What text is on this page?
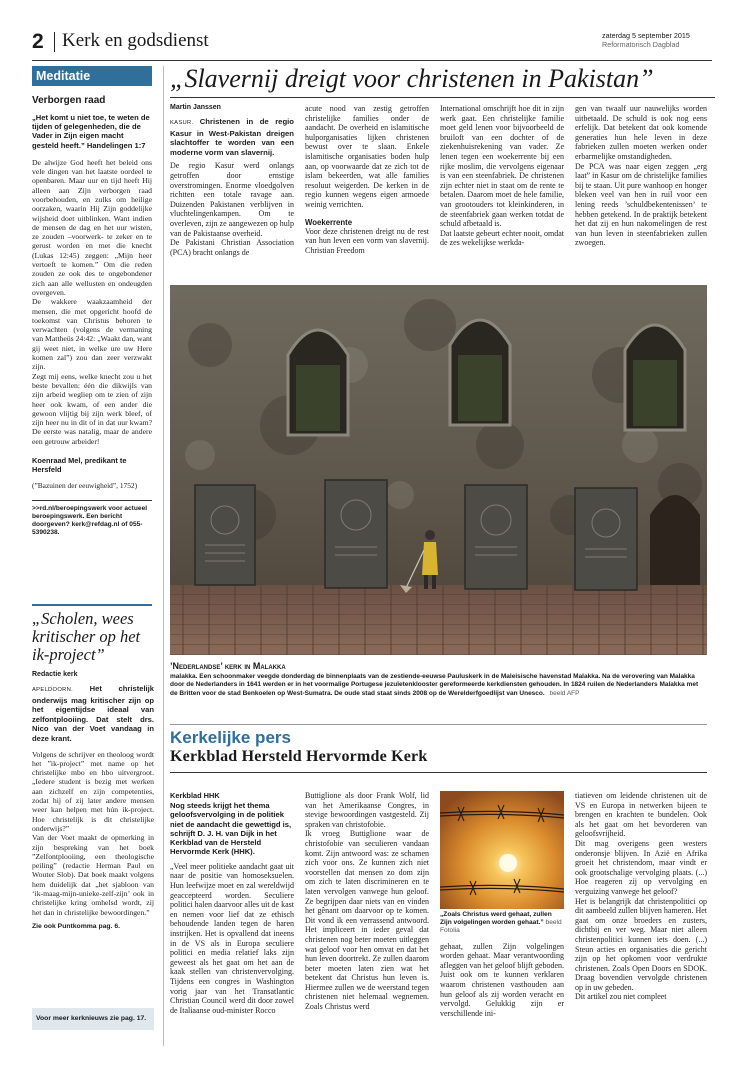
2 Kerk en godsdienst	zaterdag 5 september 2015
Reformatorisch Dagblad
Meditatie
Verborgen raad
„Het komt u niet toe, te weten de tijden of gelegenheden, die de Vader in Zijn eigen macht gesteld heeft.” Handelingen 1:7
De alwijze God heeft het beleid ons vele dingen van het laatste oordeel te openbaren. Maar uur en tijd heeft Hij alleen aan Zijn verborgen raad voorbehouden, en zulks om heilige oorzaken, waarin Hij Zijn goddelijke wijsheid doet uitblinken. Want indien de mensen de dag en het uur wisten, ze zouden –voorwerk- te zeker en te gerust worden en met die knecht (Lukas 12:45) zeggen: „Mijn heer vertoeft te komen.” Om die reden zouden ze ook des te ongebondener zich aan alle wellusten en ondeugden overgeven.
De wakkere waakzaamheid der mensen, die met opgericht hoofd de toekomst van Christus behoren te verwachten (volgens de vermaning van Mattheüs 24:42: „Waakt dan, want gij weet niet, in welke ure uw Here komen zal”) zou dan zeer verzwakt zijn.
Zegt mij eens, welke knecht zou u het beste bevallen: één die dikwijls van zijn arbeid wegliep om te zien of zijn heer ook kwam, of een ander die gewoon vlijtig bij zijn werk bleef, of zijn heer nu in dit of in dat uur kwam? De eerste was natalig, maar de andere een getrouw arbeider!
Koenraad Mel, predikant te Hersfeld
(”Bazuinen der eeuwigheid”, 1752)
>>rd.nl/beroepingswerk voor actueel beroepingswerk. Een bericht doorgeven? kerk@refdag.nl of 055-5390238.
„Scholen, wees kritischer op het ik-project”
Redactie kerk
APELDOORN. Het christelijk onderwijs mag kritischer zijn op het eigentijdse ideaal van zelfontplooiing. Dat stelt drs. Nico van der Voet vandaag in deze krant.
Volgens de schrijver en theoloog wordt het ”ik-project” met name op het christelijke mbo en hbo uitvergroot. „Iedere student is bezig met werken aan zichzelf en zijn competenties, zodat hij of zij later andere mensen weer kan helpen met hún ik-project. Hoe christelijk is dit christelijke onderwijs?”
Van der Voet maakt de opmerking in zijn bespreking van het boek ”Zelfontplooiing, een theologische peiling” (redactie Herman Paul en Wouter Slob). Dat boek maakt volgens hem duidelijk dat „het sjabloon van ‘ik-maag-mijn-unieke-zelf-zijn’ ook in christelijke kring omhelsd wordt, zij het dan in christelijke bewoordingen.”
Zie ook Puntkomma pag. 6.
Voor meer kerknieuws zie pag. 17.
„Slavernij dreigt voor christenen in Pakistan”
Martin Janssen
KASUR. Christenen in de regio Kasur in West-Pakistan dreigen slachtoffer te worden van een moderne vorm van slavernij.
De regio Kasur werd onlangs getroffen door ernstige overstromingen. Enorme vloedgolven richtten een totale ravage aan. Duizenden Pakistanen verblijven in vluchtelingenkampen. Om te overleven, zijn ze aangewezen op hulp van de Pakistaanse overheid.
De Pakistani Christian Association (PCA) bracht onlangs de
acute nood van zestig getroffen christelijke families onder de aandacht. De overheid en islamitische hulporganisaties lijken christenen bewust over te slaan. Enkele islamitische organisaties boden hulp aan, op voorwaarde dat ze zich tot de islam bekeerden, wat alle families resoluut weigerden. De kerken in de regio kunnen wegens eigen armoede weinig verrichten.
Woekerrente
Voor deze christenen dreigt nu de rest van hun leven een vorm van slavernij. Christian Freedom
International omschrijft hoe dit in zijn werk gaat. Een christelijke familie moet geld lenen voor bijvoorbeeld de bruiloft van een dochter of de ziekenhuisrekening van vader. Ze lenen tegen een woekerrente bij een rijke moslim, die vervolgens eigenaar is van een steenfabriek. De christenen zijn echter niet in staat om de rente te betalen. Daarom moet de hele familie, van grootouders tot kleinkinderen, in de steenfabriek gaan werken totdat de schuld afbetaald is.
Dat laatste gebeurt echter nooit, omdat de zes wekelijkse werkda-
gen van twaalf uur nauwelijks worden uitbetaald. De schuld is ook nog eens erfelijk. Dat betekent dat ook komende generaties hun hele leven in deze fabrieken zullen moeten werken onder erbarmelijke omstandigheden.
De PCA was naar eigen zeggen „erg laat” in Kasur om de christelijke families bij te staan. Uit pure wanhoop en honger bleken veel van hen in ruil voor een lening reeds ’schuldbekentenissen’ te hebben getekend. In de praktijk betekent het dat zij en hun nakomelingen de rest van hun leven in steenfabrieken zullen zwoegen.
’Nederlandse’ kerk in Malakka
malakka. Een schoonmaker veegde donderdag de binnenplaats van de zestiende-eeuwse Pauluskerk in de Maleisische havenstad Malakka. Na de verovering van Malakka door de Nederlanders in 1641 werden er in het voormalige Portugese jezuïetenklooster gereformeerde kerkdiensten gehouden. In 1824 ruilen de Nederlanders Malakka met de Britten voor de stad Benkoelen op West-Sumatra. De oude stad staat sinds 2008 op de Werelderfgoedlijst van Unesco. beeld AFP
Kerkelijke pers
Kerkblad Hersteld Hervormde Kerk
Kerkblad HHK
Nog steeds krijgt het thema geloofsvervolging in de politiek niet de aandacht die gewettigd is, schrijft D. J. H. van Dijk in het Kerkblad van de Hersteld Hervormde Kerk (HHK).
„Veel meer politieke aandacht gaat uit naar de positie van homoseksuelen. Hun leefwijze moet en zal wereldwijd geaccepteerd worden. Seculiere politici halen daarvoor alles uit de kast en nemen voor lief dat ze ethisch behoudende landen tegen de haren instrijken. Het is opvallend dat ineens in de VS als in Europa seculiere politici en media relatief laks zijn geweest als het gaat om het aan de kaak stellen van christenvervolging. Tijdens een congres in Washington vorig jaar van het Transatlantic Christian Council werd dit door zowel de Italiaanse oud-minister Rocco
Buttiglione als door Frank Wolf, lid van het Amerikaanse Congres, in stevige bewoordingen vastgesteld. Zij spraken van christofobie.
Ik vroeg Buttiglione waar de christofobie van seculieren vandaan komt. Zijn antwoord was: ze schamen zich voor ons. Ze kunnen zich niet voorstellen dat mensen zo dom zijn om zich te laten discrimineren en te laten vervolgen vanwege hun geloof. Ze begrijpen daar niets van en vinden het gênant om daarvoor op te komen. Dit vond ik een verrassend antwoord. Het impliceert in ieder geval dat christenen nog beter moeten uitleggen wat geloof voor hen omvat en dat het hun leven doortrekt. Ze zullen daarom beter moeten laten zien wat het betekent dat Christus hun leven is. Hiermee zullen we de weerstand tegen christenen niet helemaal wegnemen. Zoals Christus werd
„Zoals Christus werd gehaat, zullen Zijn volgelingen worden gehaat.” beeld Fotolia
gehaat, zullen Zijn volgelingen worden gehaat. Maar verantwoording afleggen van het geloof blijft geboden. Juist ook om te kunnen verklaren waarom christenen vasthouden aan hun geloof als zij worden veracht en vervolgd. Gelukkig zijn er verschillende ini-
tiatieven om leidende christenen uit de VS en Europa in netwerken bijeen te brengen en krachten te bundelen. Ook als het gaat om het bevorderen van geloofsvrijheid.
Dit mag overigens geen westers onderonsje blijven. In Azië en Afrika groeit het christendom, maar vindt er ook grootschalige vervolging plaats. (...) Hoe reageren zij op vervolging en verguizing vanwege het geloof?
Het is belangrijk dat christenpolitici op dit aambeeld zullen blijven hameren. Het gaat om onze broeders en zusters, dichtbij en ver weg. Maar niet alleen christenpolitici kunnen iets doen. (...) Steun acties en organisaties die gericht zijn op het opkomen voor verdrukte christenen. Zoals Open Doors en SDOK. Draag bovendien vervolgde christenen op in uw gebeden.
Dit artikel zou niet compleet
